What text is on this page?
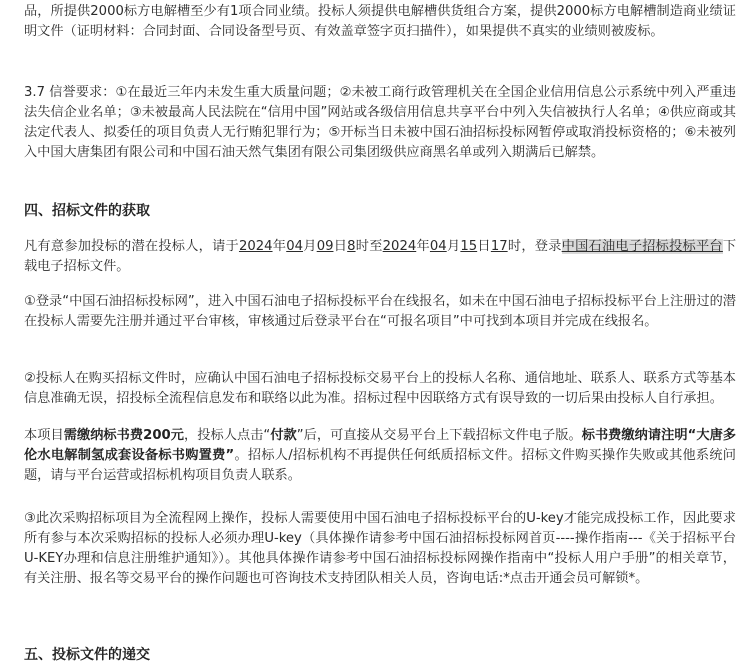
品，所提供2000标方电解槽至少有1项合同业绩。投标人须提供电解槽供货组合方案，提供2000标方电解槽制造商业绩证明文件（证明材料：合同封面、合同设备型号页、有效盖章签字页扫描件），如果提供不真实的业绩则被废标。

3.7 信誉要求：①在最近三年内未发生重大质量问题；②未被工商行政管理机关在全国企业信用信息公示系统中列入严重违法失信企业名单；③未被最高人民法院在“信用中国”网站或各级信用信息共享平台中列入失信被执行人名单；④供应商或其法定代表人、拟委任的项目负责人无行贿犯罪行为；⑤开标当日未被中国石油招标投标网暂停或取消投标资格的；⑥未被列入中国大唐集团有限公司和中国石油天然气集团有限公司集团级供应商黑名单或列入期满后已解禁。

四、招标文件的获取

凡有意参加投标的潜在投标人，请于2024年04月09日8时至2024年04月15日17时，登录中国石油电子招标投标平台下载电子招标文件。

①登录“中国石油招标投标网”，进入中国石油电子招标投标平台在线报名，如未在中国石油电子招标投标平台上注册过的潜在投标人需要先注册并通过平台审核，审核通过后登录平台在“可报名项目”中可找到本项目并完成在线报名。

②投标人在购买招标文件时，应确认中国石油电子招标投标交易平台上的投标人名称、通信地址、联系人、联系方式等基本信息准确无误，招投标全流程信息发布和联络以此为准。招标过程中因联络方式有误导致的一切后果由投标人自行承担。

本项目需缴纳标书费200元，投标人点击“付款”后，可直接从交易平台上下载招标文件电子版。标书费缴纳请注明“大唐多伦水电解制氢成套设备标书购置费”。招标人/招标机构不再提供任何纸质招标文件。招标文件购买操作失败或其他系统问题，请与平台运营或招标机构项目负责人联系。

③此次采购招标项目为全流程网上操作，投标人需要使用中国石油电子招标投标平台的U-key才能完成投标工作，因此要求所有参与本次采购招标的投标人必须办理U-key（具体操作请参考中国石油招标投标网首页----操作指南---《关于招标平台U-KEY办理和信息注册维护通知》）。其他具体操作请参考中国石油招标投标网操作指南中“投标人用户手册”的相关章节，有关注册、报名等交易平台的操作问题也可咨询技术支持团队相关人员，咨询电话:*点击开通会员可解锁*。

五、投标文件的递交
